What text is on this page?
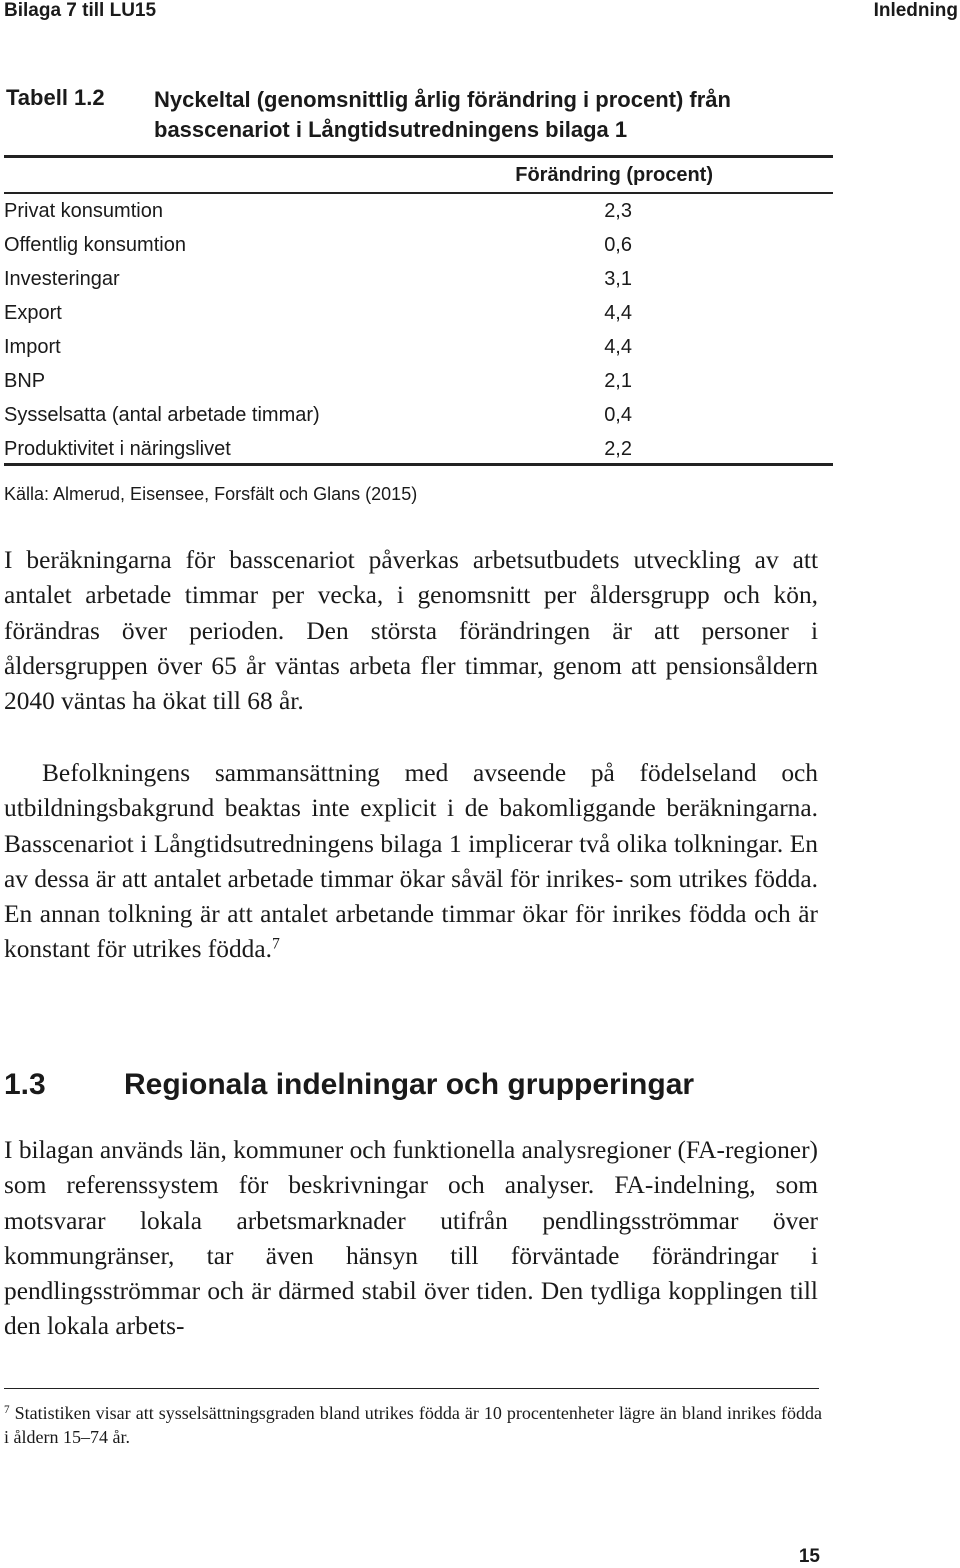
Bilaga 7 till LU15	Inledning
Tabell 1.2 Nyckeltal (genomsnittlig årlig förändring i procent) från basscenariot i Långtidsutredningens bilaga 1
Förändring (procent)
Privat konsumtion	2,3
Offentlig konsumtion	0,6
Investeringar	3,1
Export	4,4
Import	4,4
BNP	2,1
Sysselsatta (antal arbetade timmar)	0,4
Produktivitet i näringslivet	2,2
Källa: Almerud, Eisensee, Forsfält och Glans (2015)

I beräkningarna för basscenariot påverkas arbetsutbudets utveckling av att antalet arbetade timmar per vecka, i genomsnitt per åldersgrupp och kön, förändras över perioden. Den största förändringen är att personer i åldersgruppen över 65 år väntas arbeta fler timmar, genom att pensionsåldern 2040 väntas ha ökat till 68 år.

Befolkningens sammansättning med avseende på födelseland och utbildningsbakgrund beaktas inte explicit i de bakomliggande beräkningarna. Basscenariot i Långtidsutredningens bilaga 1 implicerar två olika tolkningar. En av dessa är att antalet arbetade timmar ökar såväl för inrikes- som utrikes födda. En annan tolkning är att antalet arbetande timmar ökar för inrikes födda och är konstant för utrikes födda.$^7$

1.3	Regionala indelningar och grupperingar

I bilagan används län, kommuner och funktionella analysregioner (FA-regioner) som referenssystem för beskrivningar och analyser. FA-indelning, som motsvarar lokala arbetsmarknader utifrån pendlingsströmmar över kommungränser, tar även hänsyn till förväntade förändringar i pendlingsströmmar och är därmed stabil över tiden. Den tydliga kopplingen till den lokala arbets-

$^7$ Statistiken visar att sysselsättningsgraden bland utrikes födda är 10 procentenheter lägre än bland inrikes födda i åldern 15–74 år.

15
